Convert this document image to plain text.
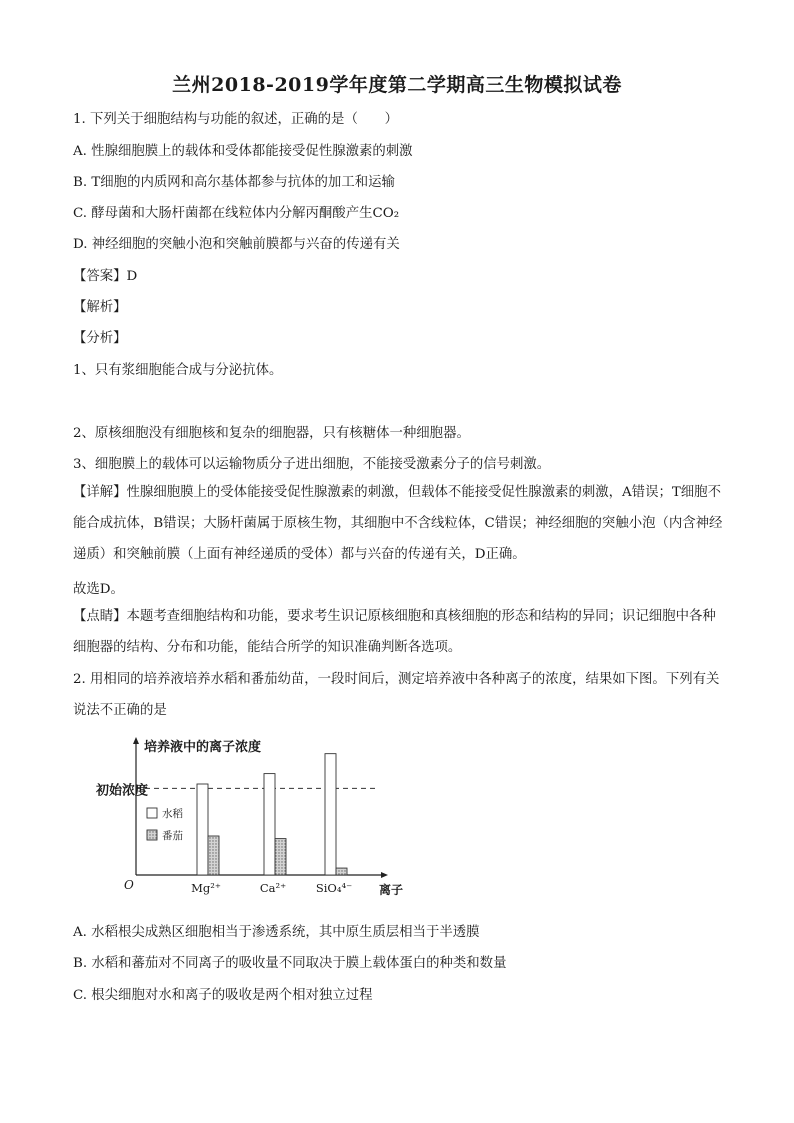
兰州2018-2019学年度第二学期高三生物模拟试卷
1. 下列关于细胞结构与功能的叙述，正确的是（　　）
A. 性腺细胞膜上的载体和受体都能接受促性腺激素的刺激
B. T细胞的内质网和高尔基体都参与抗体的加工和运输
C. 酵母菌和大肠杆菌都在线粒体内分解丙酮酸产生CO₂
D. 神经细胞的突触小泡和突触前膜都与兴奋的传递有关
【答案】D
【解析】
【分析】
1、只有浆细胞能合成与分泌抗体。
2、原核细胞没有细胞核和复杂的细胞器，只有核糖体一种细胞器。
3、细胞膜上的载体可以运输物质分子进出细胞，不能接受激素分子的信号刺激。
【详解】性腺细胞膜上的受体能接受促性腺激素的刺激，但载体不能接受促性腺激素的刺激，A错误；T细胞不能合成抗体，B错误；大肠杆菌属于原核生物，其细胞中不含线粒体，C错误；神经细胞的突触小泡（内含神经递质）和突触前膜（上面有神经递质的受体）都与兴奋的传递有关，D正确。
故选D。
【点睛】本题考查细胞结构和功能，要求考生识记原核细胞和真核细胞的形态和结构的异同；识记细胞中各种细胞器的结构、分布和功能，能结合所学的知识准确判断各选项。
2. 用相同的培养液培养水稻和番茄幼苗，一段时间后，测定培养液中各种离子的浓度，结果如下图。下列有关说法不正确的是
培养液中的离子浓度
离子
O
初始浓度
水稻
番茄
Mg²⁺	Ca²⁺	SiO₄⁴⁻
A. 水稻根尖成熟区细胞相当于渗透系统，其中原生质层相当于半透膜
B. 水稻和蕃茄对不同离子的吸收量不同取决于膜上载体蛋白的种类和数量
C. 根尖细胞对水和离子的吸收是两个相对独立过程
